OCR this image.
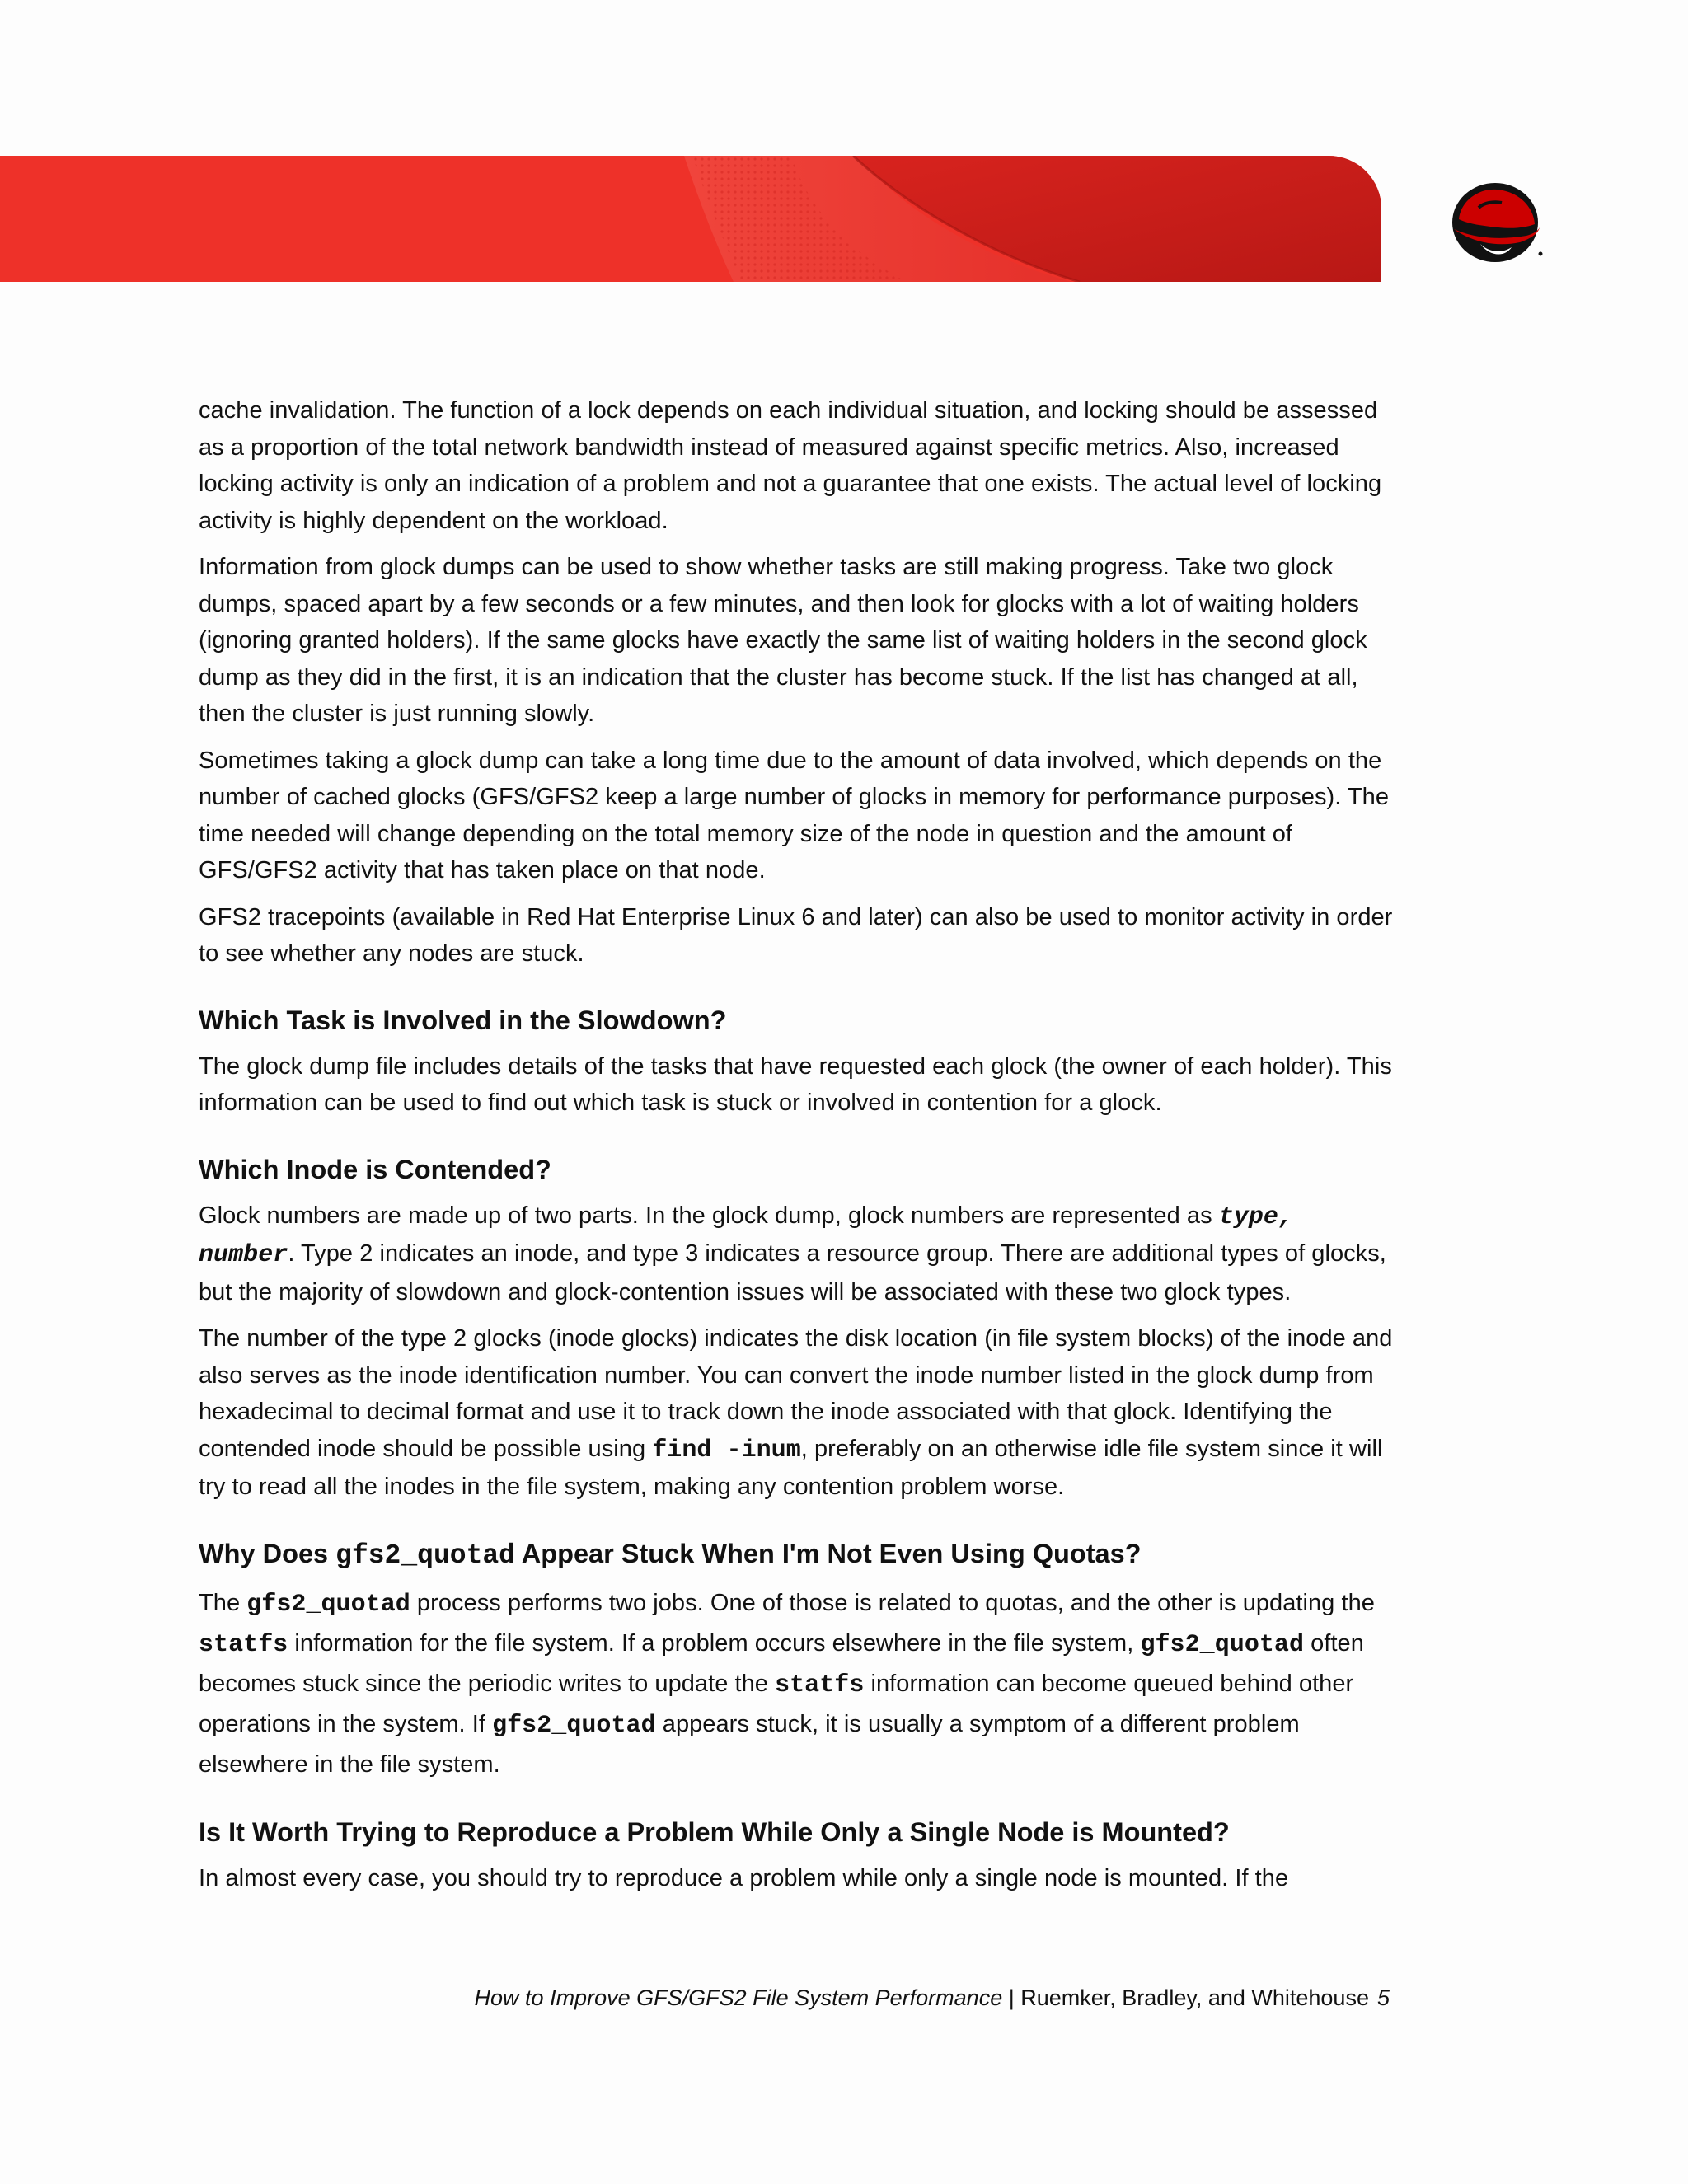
cache invalidation. The function of a lock depends on each individual situation, and locking should be assessed as a proportion of the total network bandwidth instead of measured against specific metrics. Also, increased locking activity is only an indication of a problem and not a guarantee that one exists. The actual level of locking activity is highly dependent on the workload.

Information from glock dumps can be used to show whether tasks are still making progress. Take two glock dumps, spaced apart by a few seconds or a few minutes, and then look for glocks with a lot of waiting holders (ignoring granted holders). If the same glocks have exactly the same list of waiting holders in the second glock dump as they did in the first, it is an indication that the cluster has become stuck. If the list has changed at all, then the cluster is just running slowly.

Sometimes taking a glock dump can take a long time due to the amount of data involved, which depends on the number of cached glocks (GFS/GFS2 keep a large number of glocks in memory for performance purposes). The time needed will change depending on the total memory size of the node in question and the amount of GFS/GFS2 activity that has taken place on that node.

GFS2 tracepoints (available in Red Hat Enterprise Linux 6 and later) can also be used to monitor activity in order to see whether any nodes are stuck.

Which Task is Involved in the Slowdown?

The glock dump file includes details of the tasks that have requested each glock (the owner of each holder). This information can be used to find out which task is stuck or involved in contention for a glock.

Which Inode is Contended?

Glock numbers are made up of two parts. In the glock dump, glock numbers are represented as type, number. Type 2 indicates an inode, and type 3 indicates a resource group. There are additional types of glocks, but the majority of slowdown and glock-contention issues will be associated with these two glock types.

The number of the type 2 glocks (inode glocks) indicates the disk location (in file system blocks) of the inode and also serves as the inode identification number. You can convert the inode number listed in the glock dump from hexadecimal to decimal format and use it to track down the inode associated with that glock. Identifying the contended inode should be possible using find -inum, preferably on an otherwise idle file system since it will try to read all the inodes in the file system, making any contention problem worse.

Why Does gfs2_quotad Appear Stuck When I'm Not Even Using Quotas?

The gfs2_quotad process performs two jobs. One of those is related to quotas, and the other is updating the statfs information for the file system. If a problem occurs elsewhere in the file system, gfs2_quotad often becomes stuck since the periodic writes to update the statfs information can become queued behind other operations in the system. If gfs2_quotad appears stuck, it is usually a symptom of a different problem elsewhere in the file system.

Is It Worth Trying to Reproduce a Problem While Only a Single Node is Mounted?

In almost every case, you should try to reproduce a problem while only a single node is mounted. If the

How to Improve GFS/GFS2 File System Performance | Ruemker, Bradley, and Whitehouse 5
